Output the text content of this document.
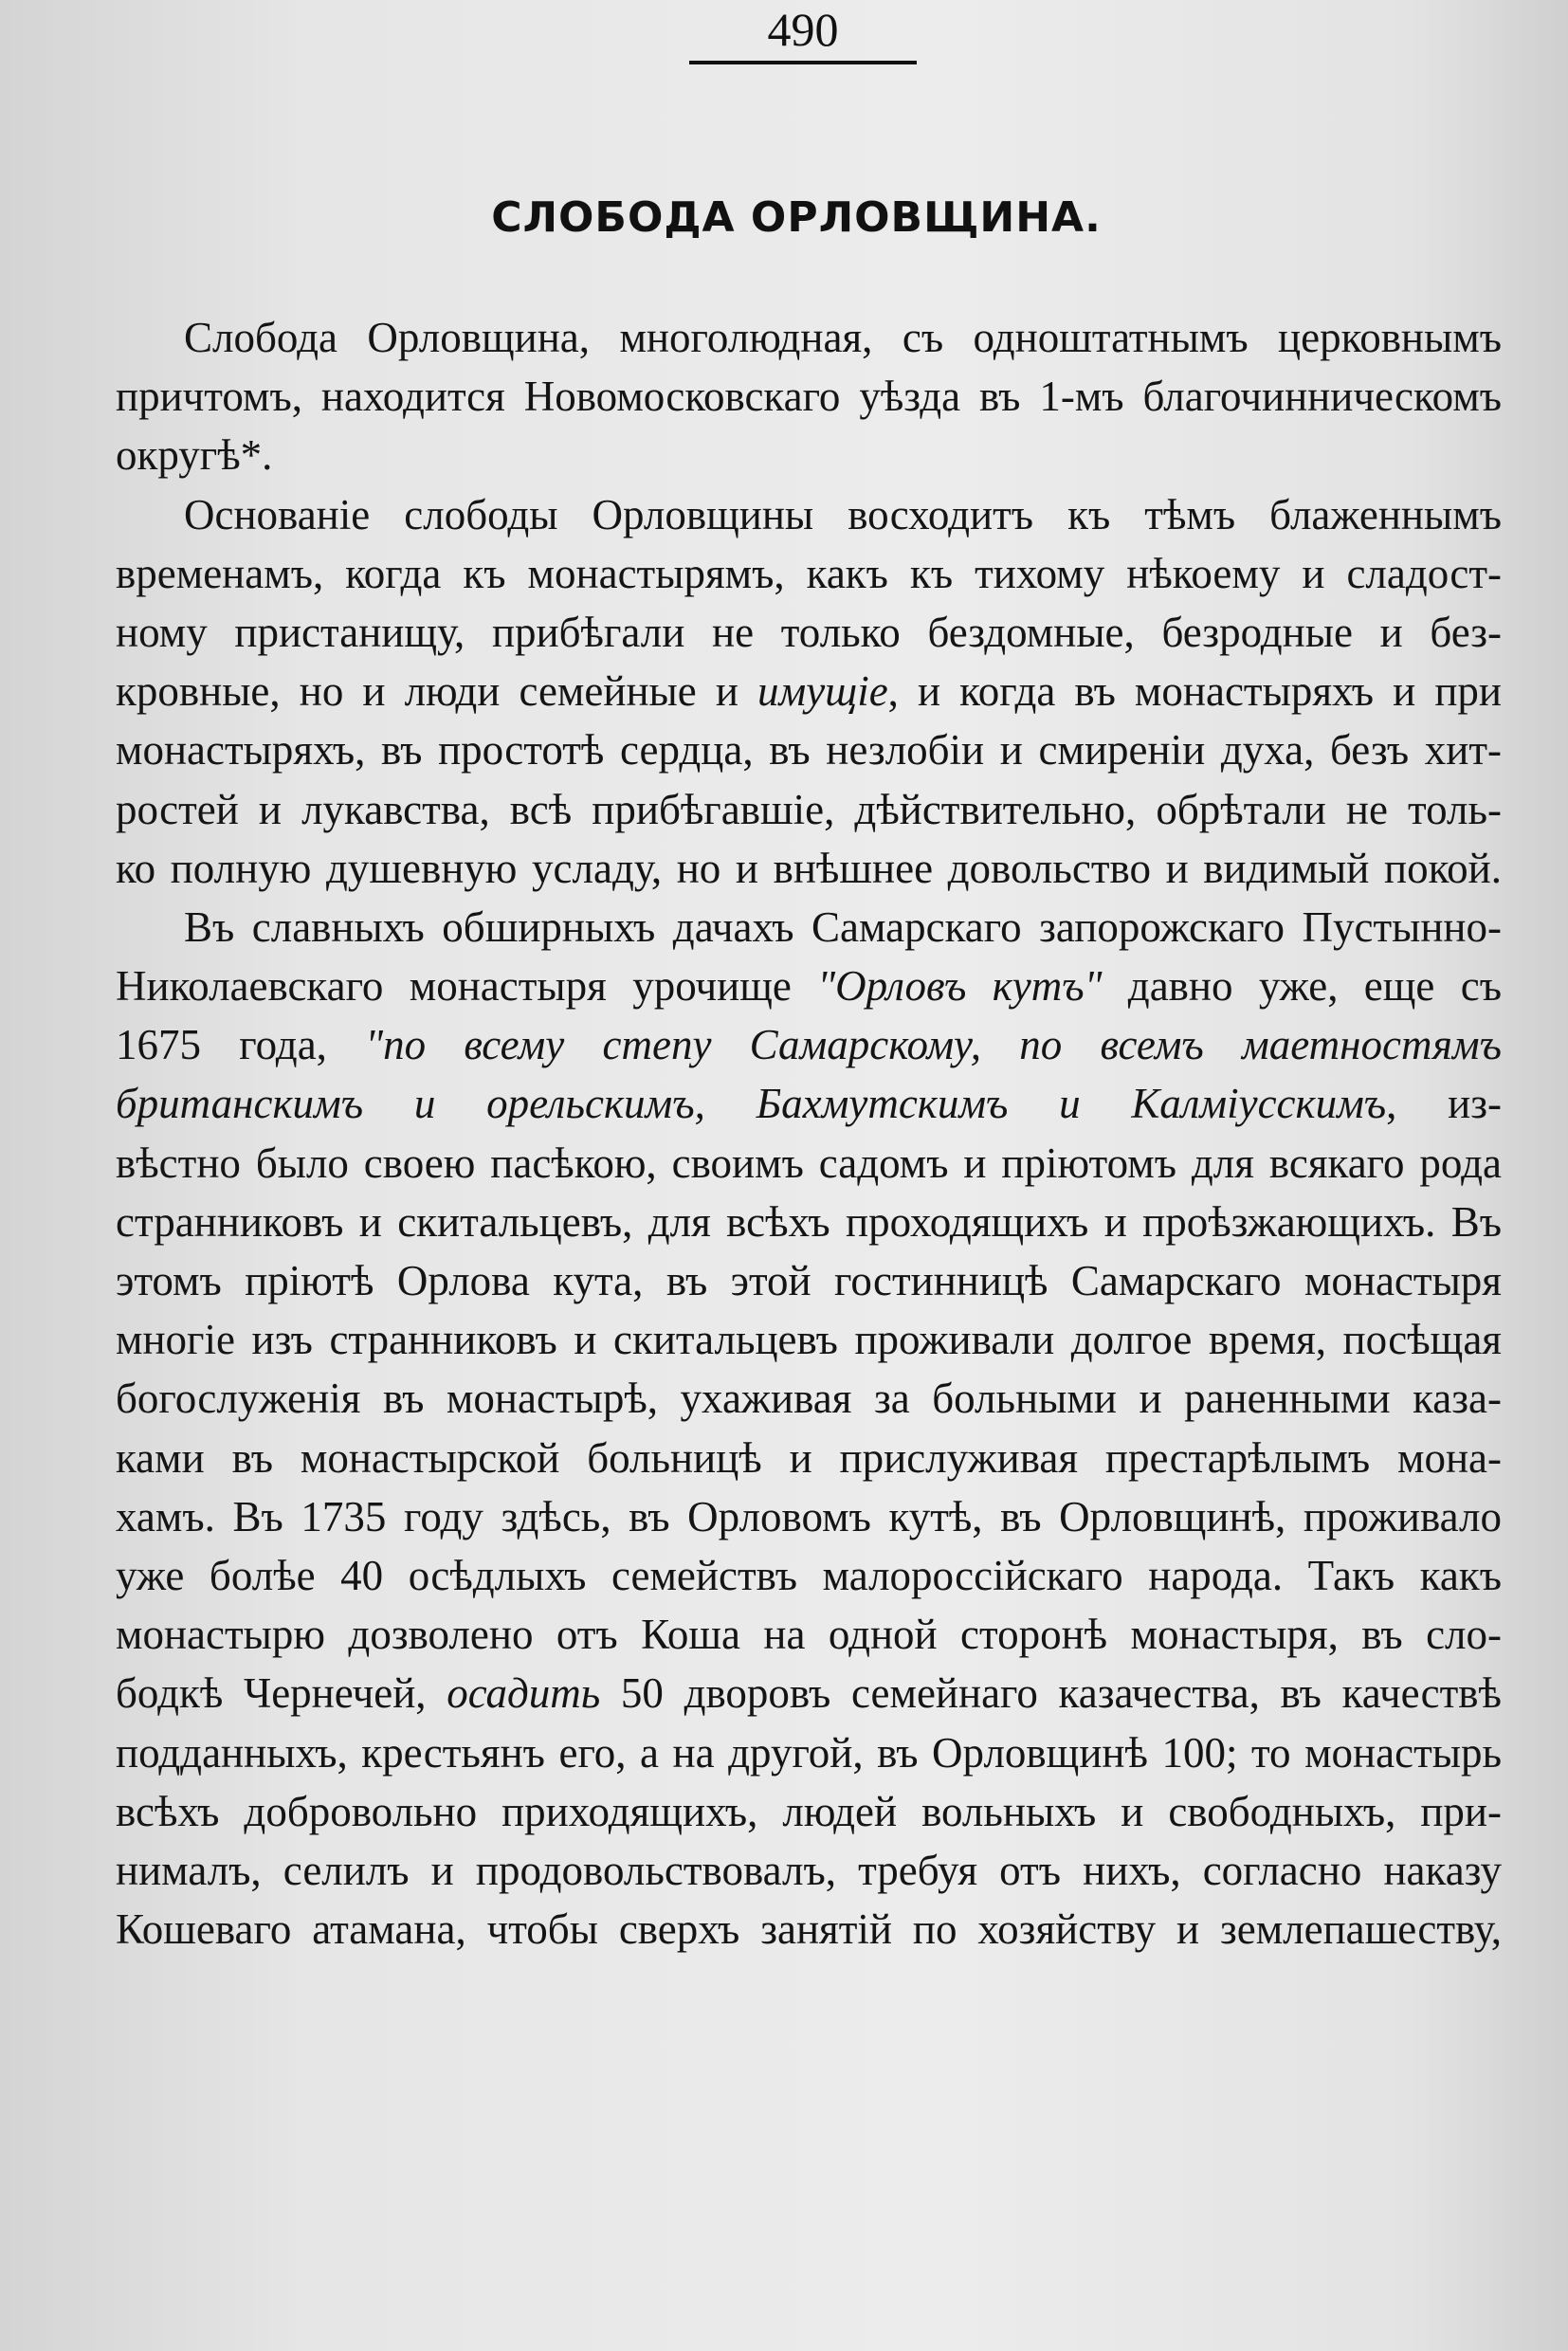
490
СЛОБОДА ОРЛОВЩИНА.
Слобода Орловщина, многолюдная, съ одноштатнымъ церковнымъ
причтомъ, находится Новомосковскаго уѣзда въ 1-мъ благочинническомъ
округѣ*.
Основаніе слободы Орловщины восходитъ къ тѣмъ блаженнымъ
временамъ, когда къ монастырямъ, какъ къ тихому нѣкоему и сладост-
ному пристанищу, прибѣгали не только бездомные, безродные и без-
кровные, но и люди семейные и имущіе, и когда въ монастыряхъ и при
монастыряхъ, въ простотѣ сердца, въ незлобіи и смиреніи духа, безъ хит-
ростей и лукавства, всѣ прибѣгавшіе, дѣйствительно, обрѣтали не толь-
ко полную душевную усладу, но и внѣшнее довольство и видимый покой.
Въ славныхъ обширныхъ дачахъ Самарскаго запорожскаго Пустынно-
Николаевскаго монастыря урочище "Орловъ кутъ" давно уже, еще съ
1675 года, "по всему степу Самарскому, по всемъ маетностямъ
британскимъ и орельскимъ, Бахмутскимъ и Калміусскимъ, из-
вѣстно было своею пасѣкою, своимъ садомъ и пріютомъ для всякаго рода
странниковъ и скитальцевъ, для всѣхъ проходящихъ и проѣзжающихъ. Въ
этомъ пріютѣ Орлова кута, въ этой гостинницѣ Самарскаго монастыря
многіе изъ странниковъ и скитальцевъ проживали долгое время, посѣщая
богослуженія въ монастырѣ, ухаживая за больными и раненными каза-
ками въ монастырской больницѣ и прислуживая престарѣлымъ мона-
хамъ. Въ 1735 году здѣсь, въ Орловомъ кутѣ, въ Орловщинѣ, проживало
уже болѣе 40 осѣдлыхъ семействъ малороссійскаго народа. Такъ какъ
монастырю дозволено отъ Коша на одной сторонѣ монастыря, въ сло-
бодкѣ Чернечей, осадить 50 дворовъ семейнаго казачества, въ качествѣ
подданныхъ, крестьянъ его, а на другой, въ Орловщинѣ 100; то монастырь
всѣхъ добровольно приходящихъ, людей вольныхъ и свободныхъ, при-
нималъ, селилъ и продовольствовалъ, требуя отъ нихъ, согласно наказу
Кошеваго атамана, чтобы сверхъ занятій по хозяйству и землепашеству,
